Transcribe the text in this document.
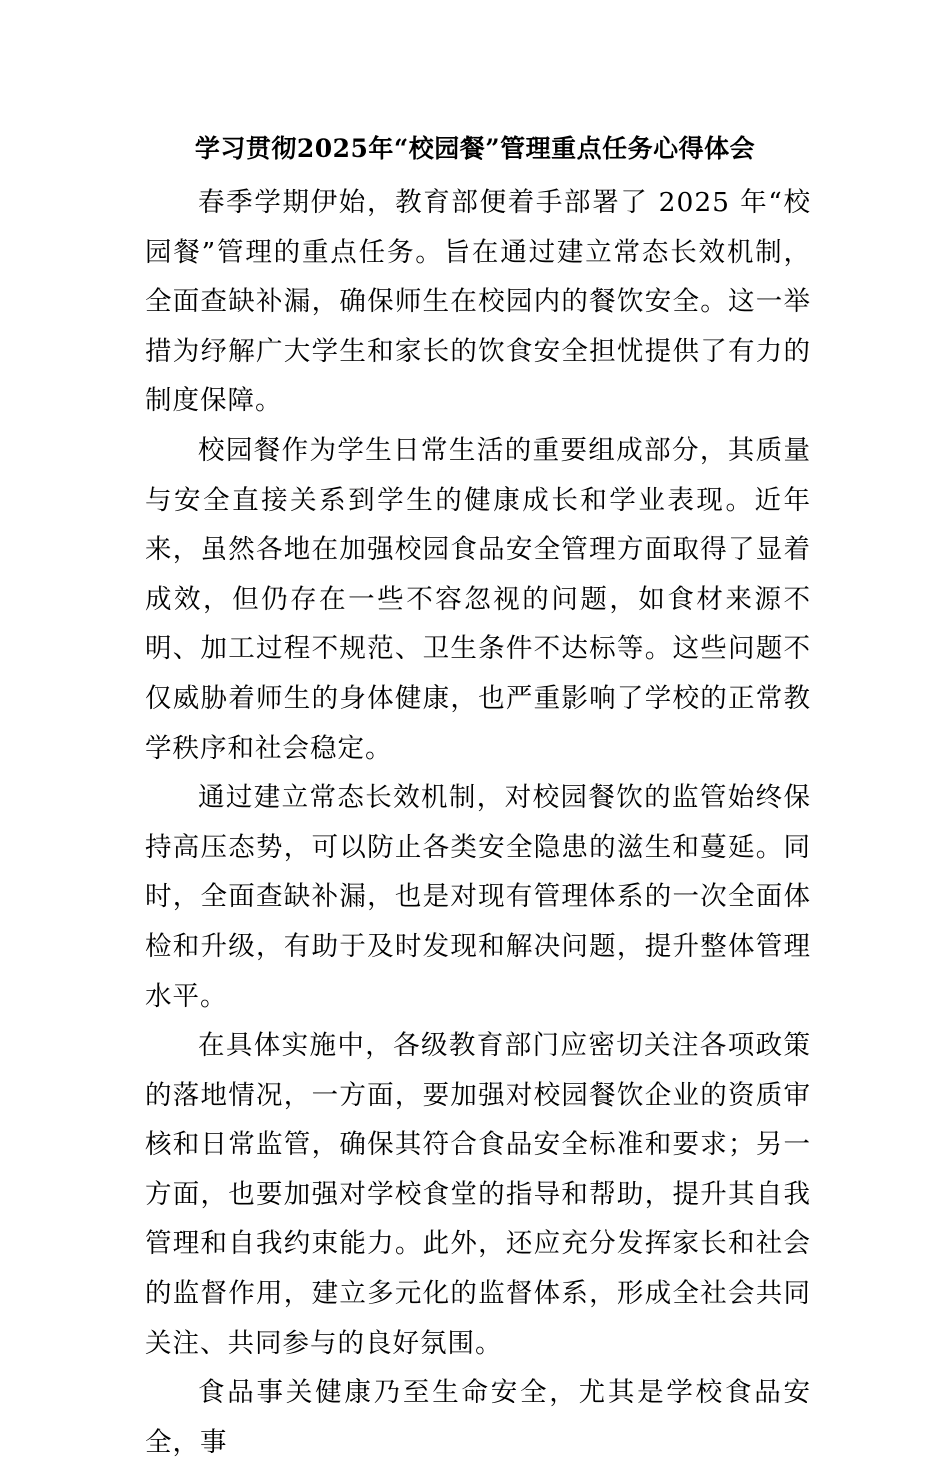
学习贯彻2025年“校园餐”管理重点任务心得体会

春季学期伊始，教育部便着手部署了 2025 年“校园餐”管理的重点任务。旨在通过建立常态长效机制，全面查缺补漏，确保师生在校园内的餐饮安全。这一举措为纾解广大学生和家长的饮食安全担忧提供了有力的制度保障。

校园餐作为学生日常生活的重要组成部分，其质量与安全直接关系到学生的健康成长和学业表现。近年来，虽然各地在加强校园食品安全管理方面取得了显着成效，但仍存在一些不容忽视的问题，如食材来源不明、加工过程不规范、卫生条件不达标等。这些问题不仅威胁着师生的身体健康，也严重影响了学校的正常教学秩序和社会稳定。

通过建立常态长效机制，对校园餐饮的监管始终保持高压态势，可以防止各类安全隐患的滋生和蔓延。同时，全面查缺补漏，也是对现有管理体系的一次全面体检和升级，有助于及时发现和解决问题，提升整体管理水平。

在具体实施中，各级教育部门应密切关注各项政策的落地情况，一方面，要加强对校园餐饮企业的资质审核和日常监管，确保其符合食品安全标准和要求；另一方面，也要加强对学校食堂的指导和帮助，提升其自我管理和自我约束能力。此外，还应充分发挥家长和社会的监督作用，建立多元化的监督体系，形成全社会共同关注、共同参与的良好氛围。

食品事关健康乃至生命安全，尤其是学校食品安全，事
